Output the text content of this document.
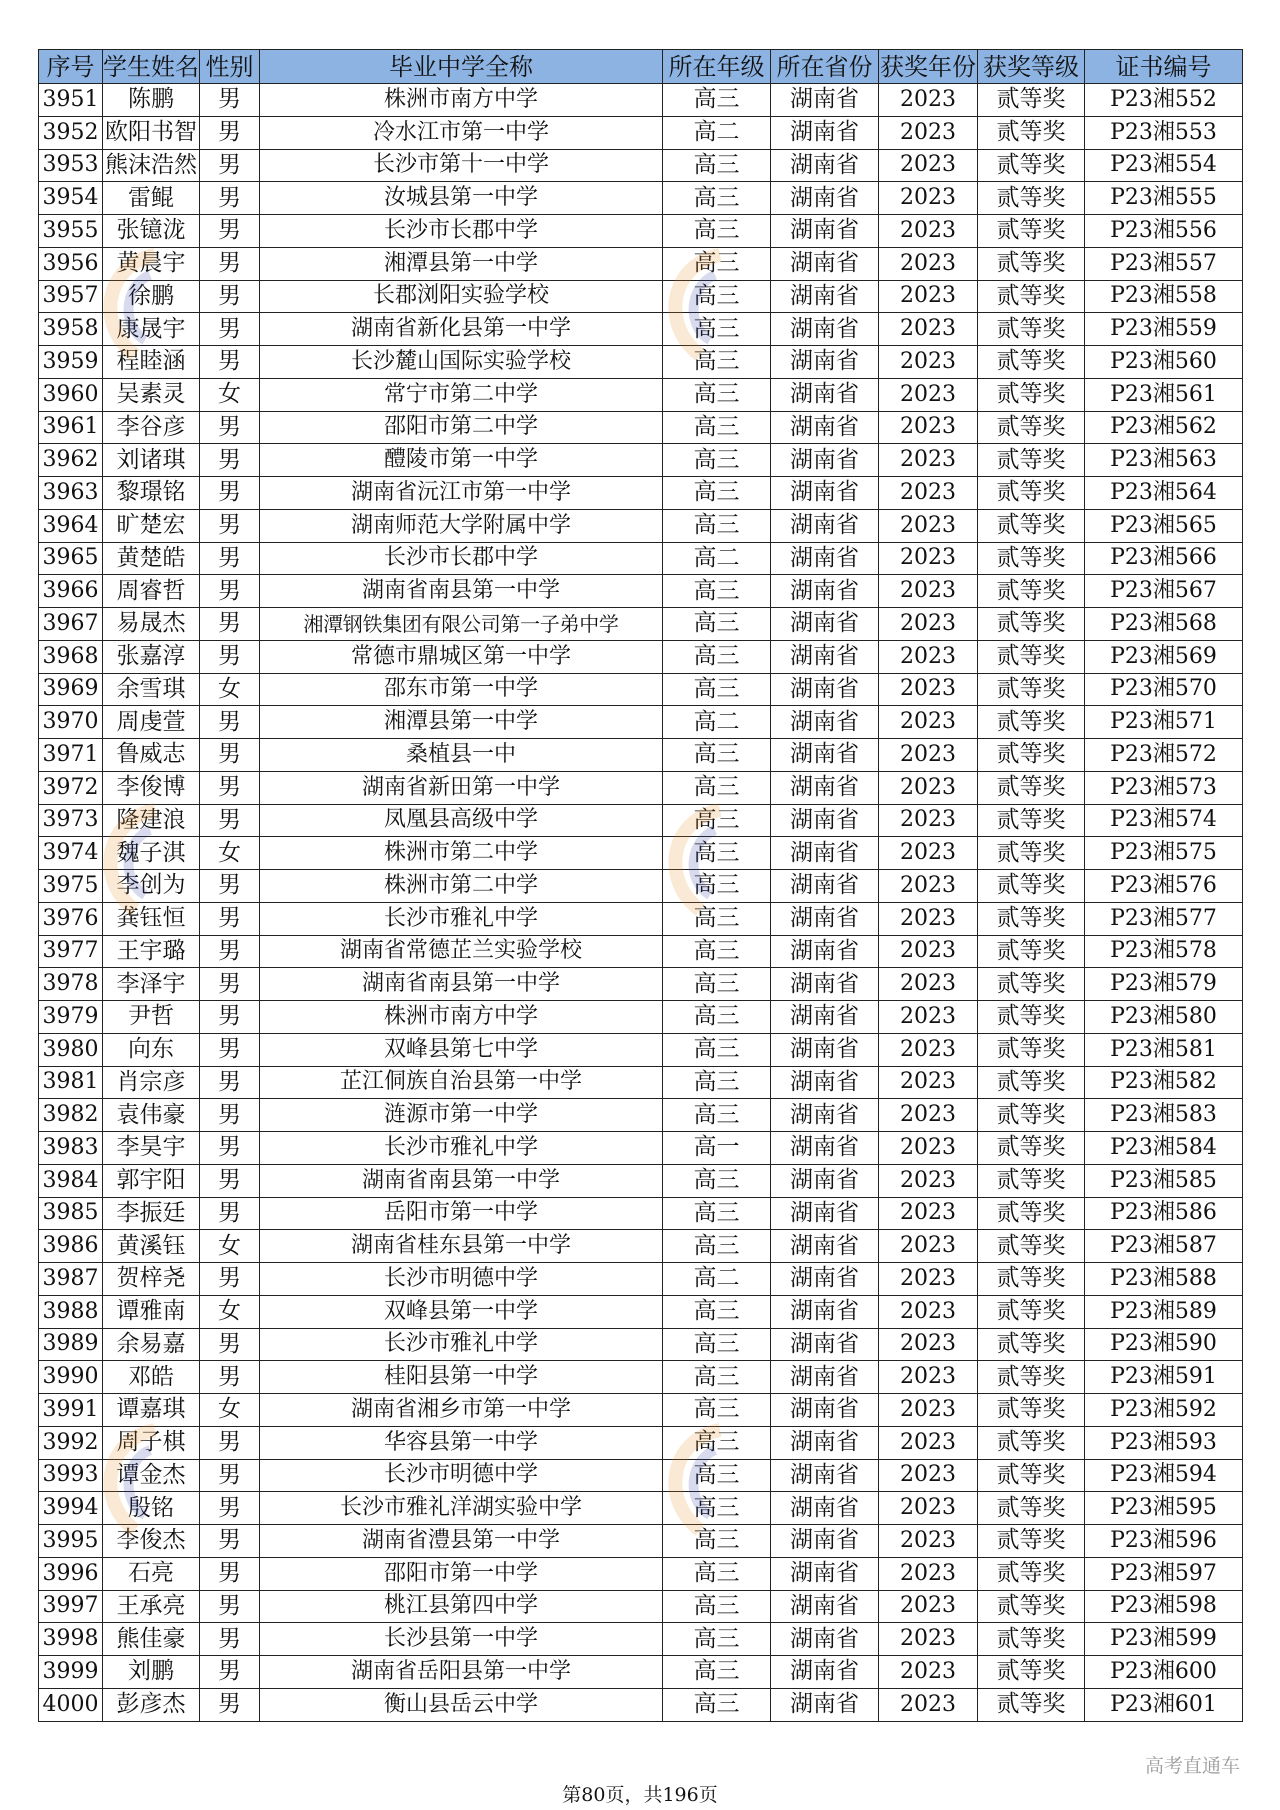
序号	学生姓名	性别	毕业中学全称	所在年级	所在省份	获奖年份	获奖等级	证书编号
3951	陈鹏	男	株洲市南方中学	高三	湖南省	2023	贰等奖	P23湘552
3952	欧阳书智	男	冷水江市第一中学	高二	湖南省	2023	贰等奖	P23湘553
3953	熊沫浩然	男	长沙市第十一中学	高三	湖南省	2023	贰等奖	P23湘554
3954	雷鲲	男	汝城县第一中学	高三	湖南省	2023	贰等奖	P23湘555
3955	张镱泷	男	长沙市长郡中学	高三	湖南省	2023	贰等奖	P23湘556
3956	黄晨宇	男	湘潭县第一中学	高三	湖南省	2023	贰等奖	P23湘557
3957	徐鹏	男	长郡浏阳实验学校	高三	湖南省	2023	贰等奖	P23湘558
3958	康晟宇	男	湖南省新化县第一中学	高三	湖南省	2023	贰等奖	P23湘559
3959	程睦涵	男	长沙麓山国际实验学校	高三	湖南省	2023	贰等奖	P23湘560
3960	吴素灵	女	常宁市第二中学	高三	湖南省	2023	贰等奖	P23湘561
3961	李谷彦	男	邵阳市第二中学	高三	湖南省	2023	贰等奖	P23湘562
3962	刘诸琪	男	醴陵市第一中学	高三	湖南省	2023	贰等奖	P23湘563
3963	黎璟铭	男	湖南省沅江市第一中学	高三	湖南省	2023	贰等奖	P23湘564
3964	旷楚宏	男	湖南师范大学附属中学	高三	湖南省	2023	贰等奖	P23湘565
3965	黄楚皓	男	长沙市长郡中学	高二	湖南省	2023	贰等奖	P23湘566
3966	周睿哲	男	湖南省南县第一中学	高三	湖南省	2023	贰等奖	P23湘567
3967	易晟杰	男	湘潭钢铁集团有限公司第一子弟中学	高三	湖南省	2023	贰等奖	P23湘568
3968	张嘉淳	男	常德市鼎城区第一中学	高三	湖南省	2023	贰等奖	P23湘569
3969	余雪琪	女	邵东市第一中学	高三	湖南省	2023	贰等奖	P23湘570
3970	周虔萱	男	湘潭县第一中学	高二	湖南省	2023	贰等奖	P23湘571
3971	鲁威志	男	桑植县一中	高三	湖南省	2023	贰等奖	P23湘572
3972	李俊博	男	湖南省新田第一中学	高三	湖南省	2023	贰等奖	P23湘573
3973	隆建浪	男	凤凰县高级中学	高三	湖南省	2023	贰等奖	P23湘574
3974	魏子淇	女	株洲市第二中学	高三	湖南省	2023	贰等奖	P23湘575
3975	李创为	男	株洲市第二中学	高三	湖南省	2023	贰等奖	P23湘576
3976	龚钰恒	男	长沙市雅礼中学	高三	湖南省	2023	贰等奖	P23湘577
3977	王宇璐	男	湖南省常德芷兰实验学校	高三	湖南省	2023	贰等奖	P23湘578
3978	李泽宇	男	湖南省南县第一中学	高三	湖南省	2023	贰等奖	P23湘579
3979	尹哲	男	株洲市南方中学	高三	湖南省	2023	贰等奖	P23湘580
3980	向东	男	双峰县第七中学	高三	湖南省	2023	贰等奖	P23湘581
3981	肖宗彦	男	芷江侗族自治县第一中学	高三	湖南省	2023	贰等奖	P23湘582
3982	袁伟豪	男	涟源市第一中学	高三	湖南省	2023	贰等奖	P23湘583
3983	李昊宇	男	长沙市雅礼中学	高一	湖南省	2023	贰等奖	P23湘584
3984	郭宇阳	男	湖南省南县第一中学	高三	湖南省	2023	贰等奖	P23湘585
3985	李振廷	男	岳阳市第一中学	高三	湖南省	2023	贰等奖	P23湘586
3986	黄溪钰	女	湖南省桂东县第一中学	高三	湖南省	2023	贰等奖	P23湘587
3987	贺梓尧	男	长沙市明德中学	高二	湖南省	2023	贰等奖	P23湘588
3988	谭雅南	女	双峰县第一中学	高三	湖南省	2023	贰等奖	P23湘589
3989	余易嘉	男	长沙市雅礼中学	高三	湖南省	2023	贰等奖	P23湘590
3990	邓皓	男	桂阳县第一中学	高三	湖南省	2023	贰等奖	P23湘591
3991	谭嘉琪	女	湖南省湘乡市第一中学	高三	湖南省	2023	贰等奖	P23湘592
3992	周子棋	男	华容县第一中学	高三	湖南省	2023	贰等奖	P23湘593
3993	谭金杰	男	长沙市明德中学	高三	湖南省	2023	贰等奖	P23湘594
3994	殷铭	男	长沙市雅礼洋湖实验中学	高三	湖南省	2023	贰等奖	P23湘595
3995	李俊杰	男	湖南省澧县第一中学	高三	湖南省	2023	贰等奖	P23湘596
3996	石亮	男	邵阳市第一中学	高三	湖南省	2023	贰等奖	P23湘597
3997	王承亮	男	桃江县第四中学	高三	湖南省	2023	贰等奖	P23湘598
3998	熊佳豪	男	长沙县第一中学	高三	湖南省	2023	贰等奖	P23湘599
3999	刘鹏	男	湖南省岳阳县第一中学	高三	湖南省	2023	贰等奖	P23湘600
4000	彭彦杰	男	衡山县岳云中学	高三	湖南省	2023	贰等奖	P23湘601
第80页，共196页
高考直通车
